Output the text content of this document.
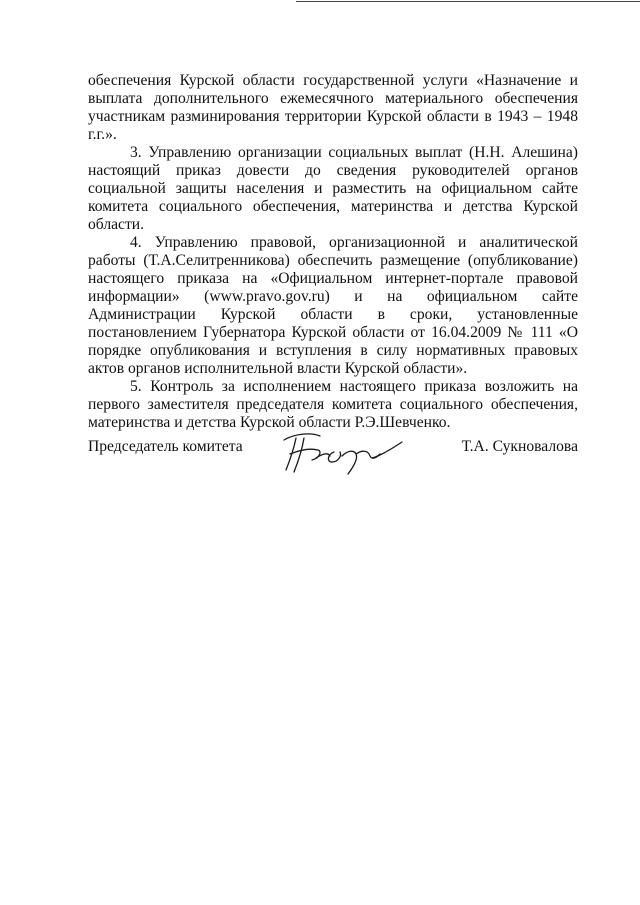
обеспечения Курской области государственной услуги «Назначение и выплата дополнительного ежемесячного материального обеспечения участникам разминирования территории Курской области в 1943 – 1948 г.г.».

3. Управлению организации социальных выплат (Н.Н. Алешина) настоящий приказ довести до сведения руководителей органов социальной защиты населения и разместить на официальном сайте комитета социального обеспечения, материнства и детства Курской области.

4. Управлению правовой, организационной и аналитической работы (Т.А.Селитренникова) обеспечить размещение (опубликование) настоящего приказа на «Официальном интернет-портале правовой информации» (www.pravo.gov.ru) и на официальном сайте Администрации Курской области в сроки, установленные постановлением Губернатора Курской области от 16.04.2009 № 111 «О порядке опубликования и вступления в силу нормативных правовых актов органов исполнительной власти Курской области».

5. Контроль за исполнением настоящего приказа возложить на первого заместителя председателя комитета социального обеспечения, материнства и детства Курской области Р.Э.Шевченко.

Председатель комитета	Т.А. Сукновалова
